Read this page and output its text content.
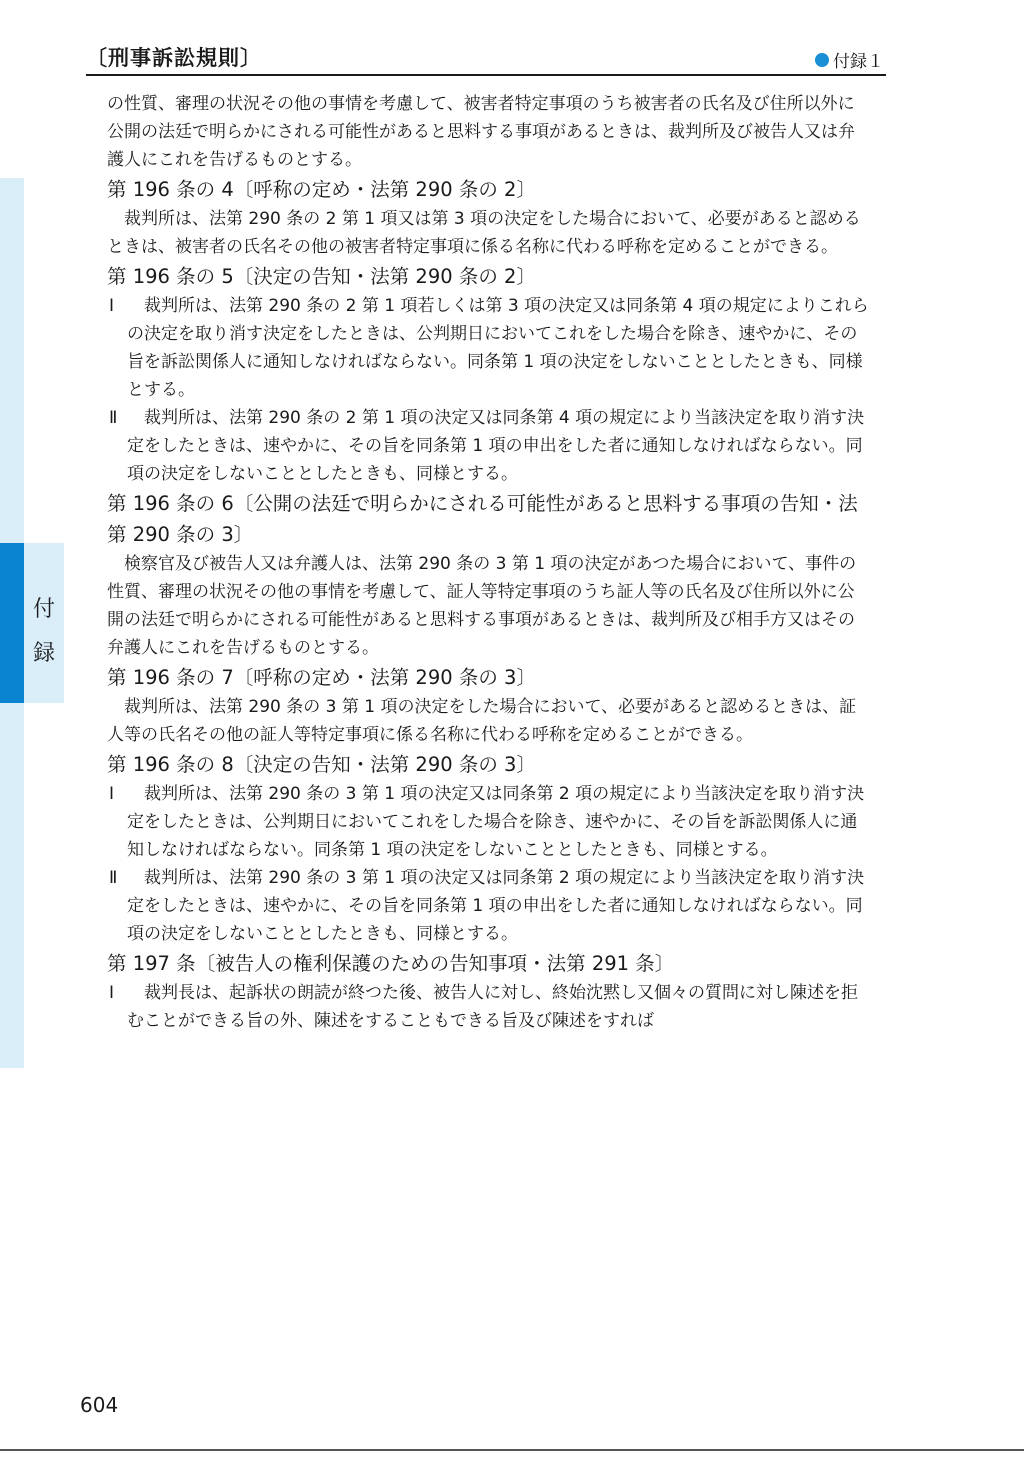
〔刑事訴訟規則〕	付録１
付
録

の性質、審理の状況その他の事情を考慮して、被害者特定事項のうち被害者の氏名及び住所以外に公開の法廷で明らかにされる可能性があると思料する事項があるときは、裁判所及び被告人又は弁護人にこれを告げるものとする。

第 196 条の 4〔呼称の定め・法第 290 条の 2〕

裁判所は、法第 290 条の 2 第 1 項又は第 3 項の決定をした場合において、必要があると認めるときは、被害者の氏名その他の被害者特定事項に係る名称に代わる呼称を定めることができる。

第 196 条の 5〔決定の告知・法第 290 条の 2〕

Ⅰ	裁判所は、法第 290 条の 2 第 1 項若しくは第 3 項の決定又は同条第 4 項の規定によりこれらの決定を取り消す決定をしたときは、公判期日においてこれをした場合を除き、速やかに、その旨を訴訟関係人に通知しなければならない。同条第 1 項の決定をしないこととしたときも、同様とする。
Ⅱ	裁判所は、法第 290 条の 2 第 1 項の決定又は同条第 4 項の規定により当該決定を取り消す決定をしたときは、速やかに、その旨を同条第 1 項の申出をした者に通知しなければならない。同項の決定をしないこととしたときも、同様とする。

第 196 条の 6〔公開の法廷で明らかにされる可能性があると思料する事項の告知・法第 290 条の 3〕

検察官及び被告人又は弁護人は、法第 290 条の 3 第 1 項の決定があつた場合において、事件の性質、審理の状況その他の事情を考慮して、証人等特定事項のうち証人等の氏名及び住所以外に公開の法廷で明らかにされる可能性があると思料する事項があるときは、裁判所及び相手方又はその弁護人にこれを告げるものとする。

第 196 条の 7〔呼称の定め・法第 290 条の 3〕

裁判所は、法第 290 条の 3 第 1 項の決定をした場合において、必要があると認めるときは、証人等の氏名その他の証人等特定事項に係る名称に代わる呼称を定めることができる。

第 196 条の 8〔決定の告知・法第 290 条の 3〕

Ⅰ	裁判所は、法第 290 条の 3 第 1 項の決定又は同条第 2 項の規定により当該決定を取り消す決定をしたときは、公判期日においてこれをした場合を除き、速やかに、その旨を訴訟関係人に通知しなければならない。同条第 1 項の決定をしないこととしたときも、同様とする。
Ⅱ	裁判所は、法第 290 条の 3 第 1 項の決定又は同条第 2 項の規定により当該決定を取り消す決定をしたときは、速やかに、その旨を同条第 1 項の申出をした者に通知しなければならない。同項の決定をしないこととしたときも、同様とする。

第 197 条〔被告人の権利保護のための告知事項・法第 291 条〕

Ⅰ	裁判長は、起訴状の朗読が終つた後、被告人に対し、終始沈黙し又個々の質問に対し陳述を拒むことができる旨の外、陳述をすることもできる旨及び陳述をすれば
604
